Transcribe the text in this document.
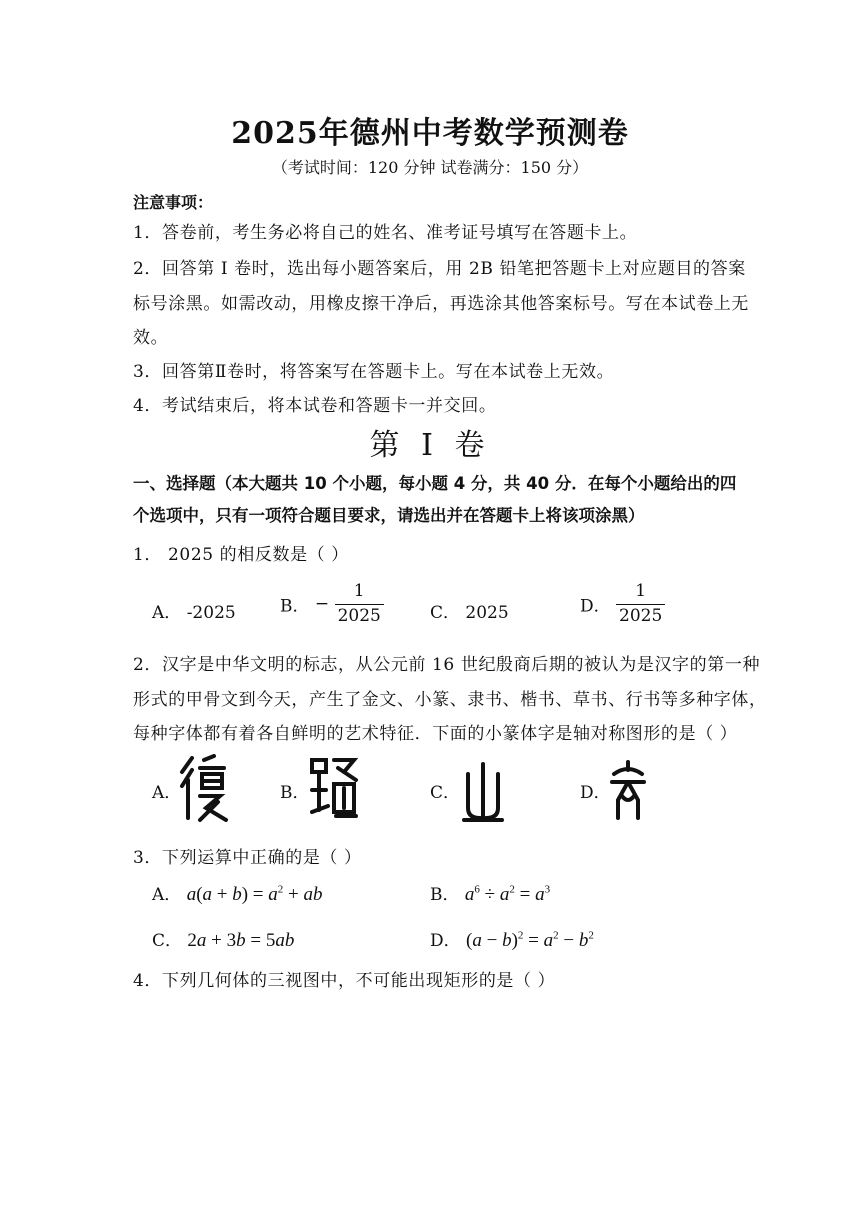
2025年德州中考数学预测卷
（考试时间：120 分钟 试卷满分：150 分）
注意事项：
1．答卷前，考生务必将自己的姓名、准考证号填写在答题卡上。
2．回答第 I 卷时，选出每小题答案后，用 2B 铅笔把答题卡上对应题目的答案
标号涂黑。如需改动，用橡皮擦干净后，再选涂其他答案标号。写在本试卷上无
效。
3．回答第Ⅱ卷时，将答案写在答题卡上。写在本试卷上无效。
4．考试结束后，将本试卷和答题卡一并交回。
第 I 卷
一、选择题（本大题共 10 个小题，每小题 4 分，共 40 分．在每个小题给出的四
个选项中，只有一项符合题目要求，请选出并在答题卡上将该项涂黑）
1． 2025 的相反数是（ ）
A． -2025	B． − $\frac{1}{2025}$	C． 2025	D． $\frac{1}{2025}$
2．汉字是中华文明的标志，从公元前 16 世纪殷商后期的被认为是汉字的第一种
形式的甲骨文到今天，产生了金文、小篆、隶书、楷书、草书、行书等多种字体，
每种字体都有着各自鲜明的艺术特征．下面的小篆体字是轴对称图形的是（ ）
A．	B．	C．	D．
3．下列运算中正确的是（ ）
A． $a(a + b) = a^2$ + ab	B． $a^6 \div a^2 = a^3$
C． 2a + 3b = 5ab	D． $(a - b)^2 = a^2 - b^2$
4．下列几何体的三视图中，不可能出现矩形的是（ ）
